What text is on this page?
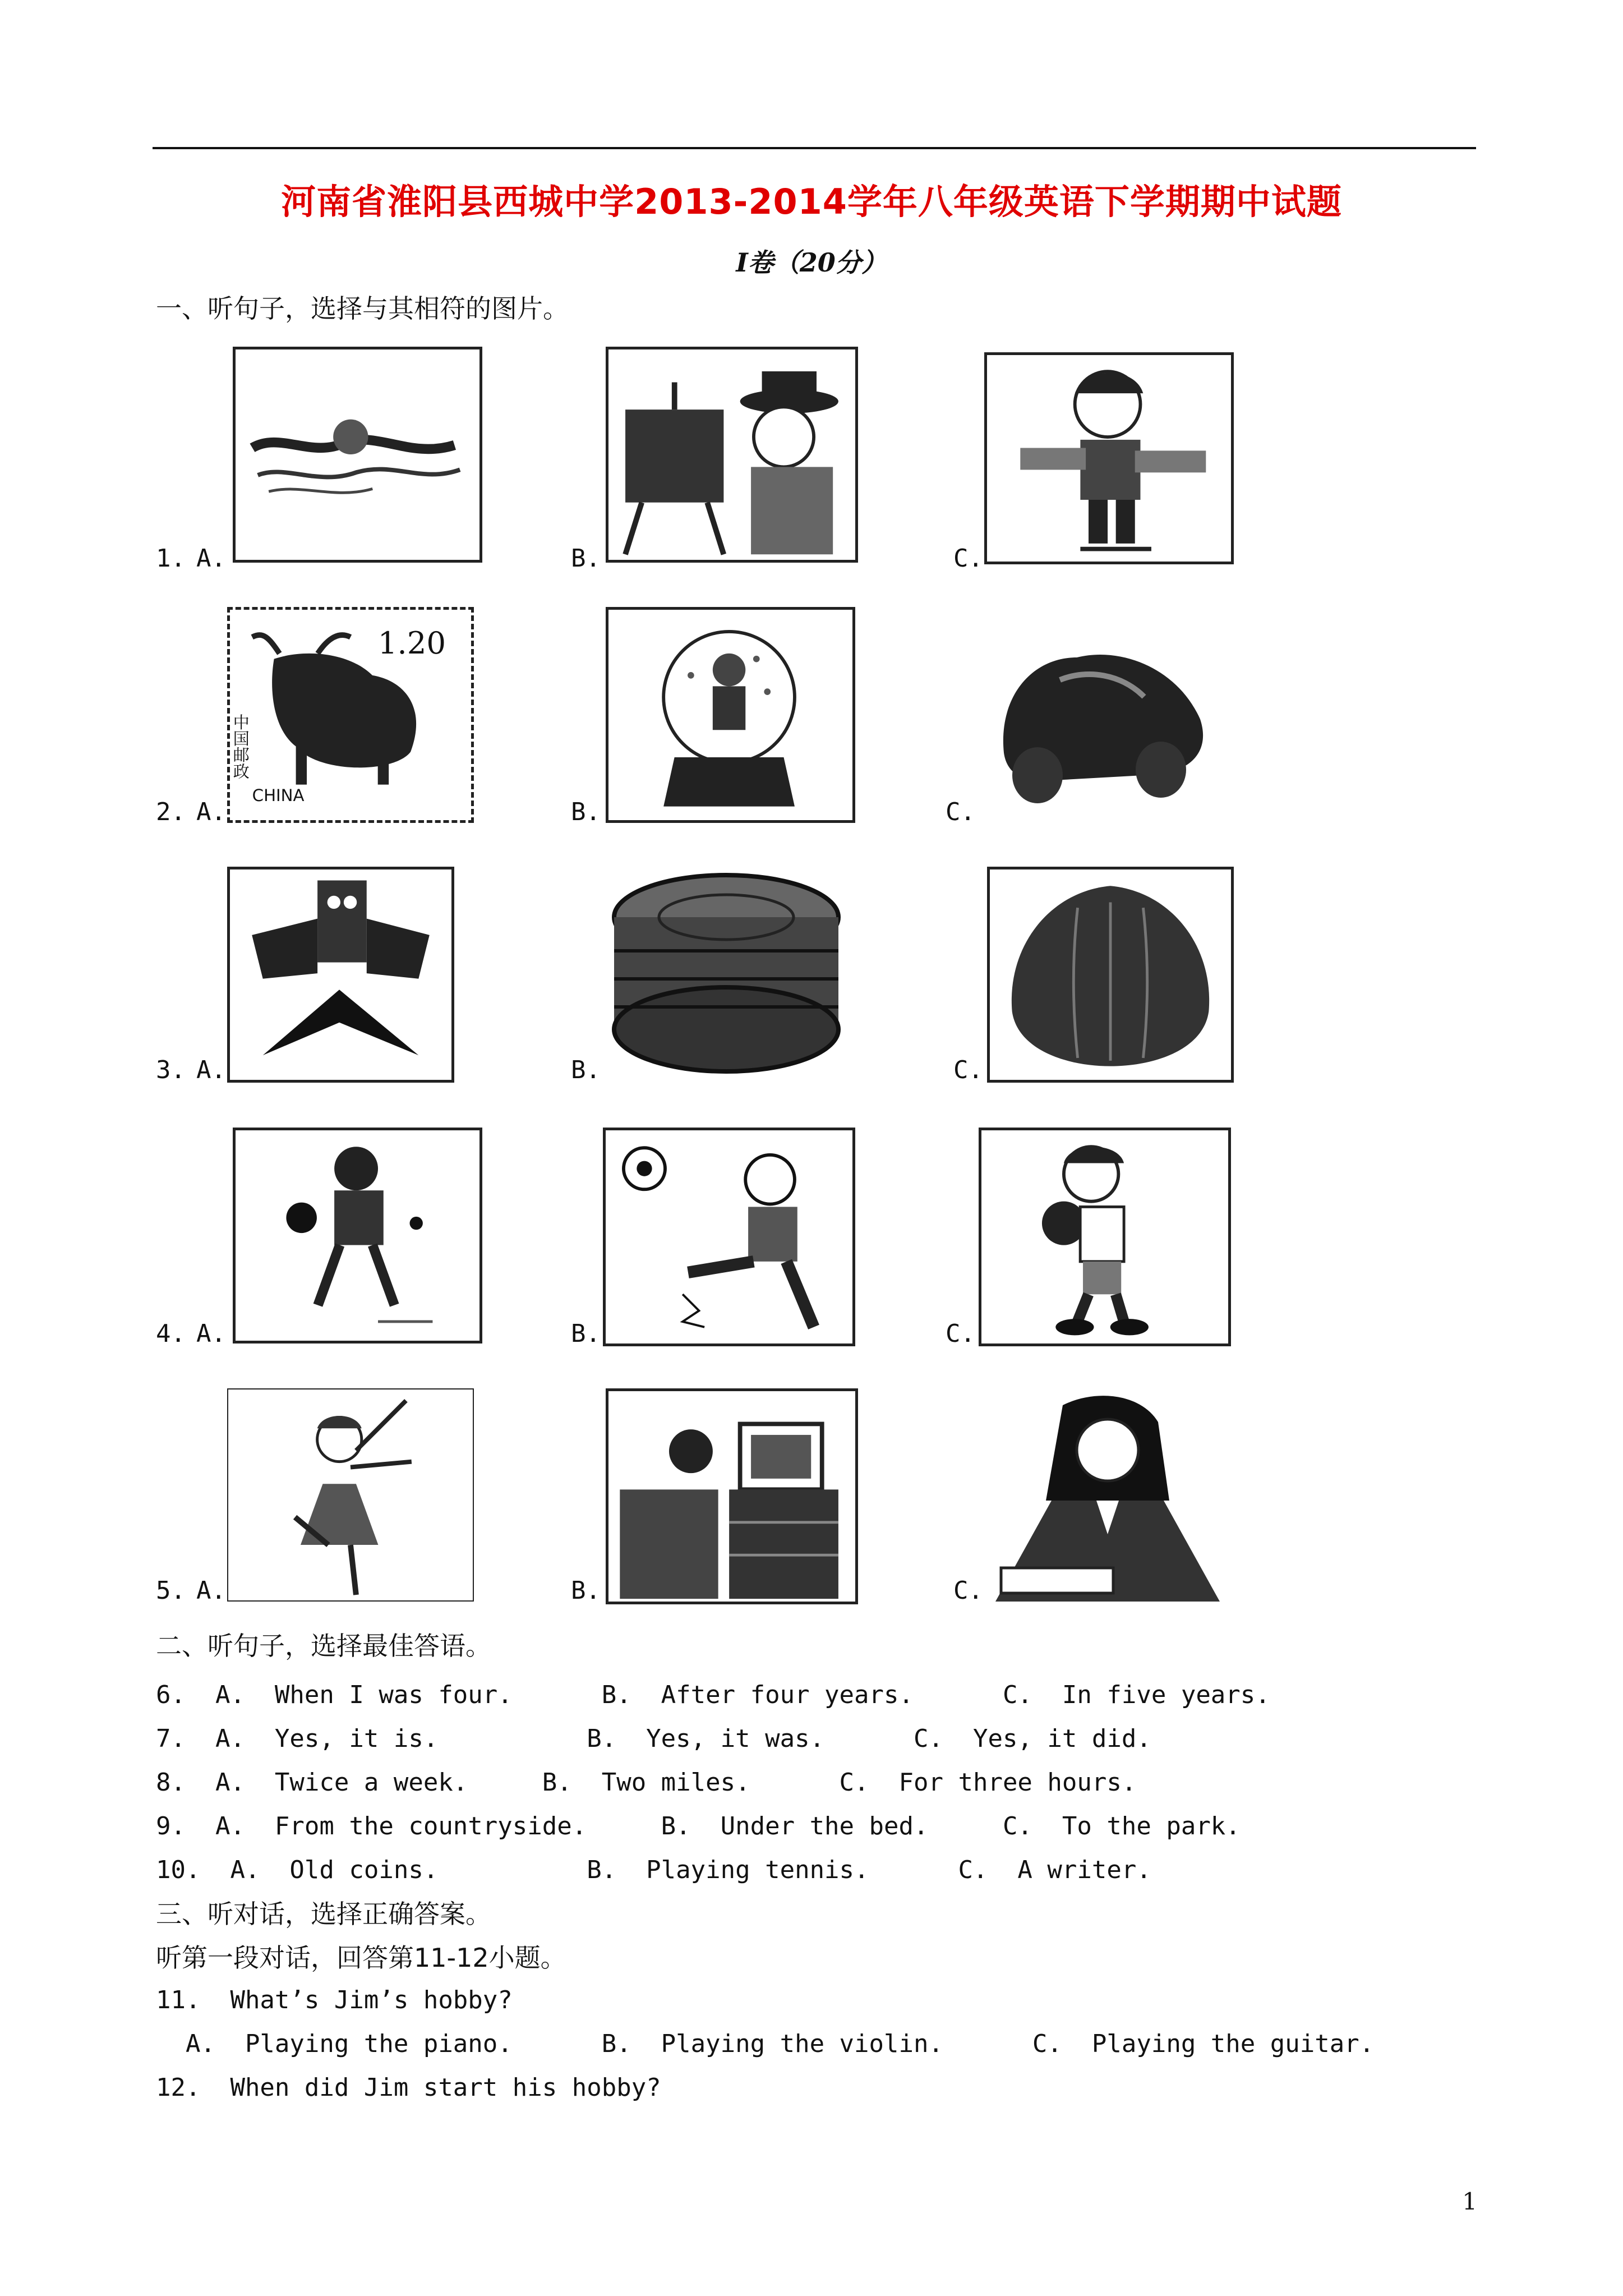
河南省淮阳县西城中学2013-2014学年八年级英语下学期期中试题
I卷（20分）
一、听句子，选择与其相符的图片。
1. A.	B.	C.
2. A.	B.	C.
1.20
中国邮政
CHINA
3. A.	B.	C.
4. A.	B.	C.
5. A.	B.	C.
二、听句子，选择最佳答语。
6.  A.  When I was four.      B.  After four years.      C.  In five years.
7.  A.  Yes, it is.          B.  Yes, it was.      C.  Yes, it did.
8.  A.  Twice a week.     B.  Two miles.      C.  For three hours.
9.  A.  From the countryside.     B.  Under the bed.     C.  To the park.
10.  A.  Old coins.          B.  Playing tennis.      C.  A writer.
三、听对话，选择正确答案。
听第一段对话，回答第11-12小题。
11.  What’s Jim’s hobby?
A.  Playing the piano.      B.  Playing the violin.      C.  Playing the guitar.
12.  When did Jim start his hobby?
1
